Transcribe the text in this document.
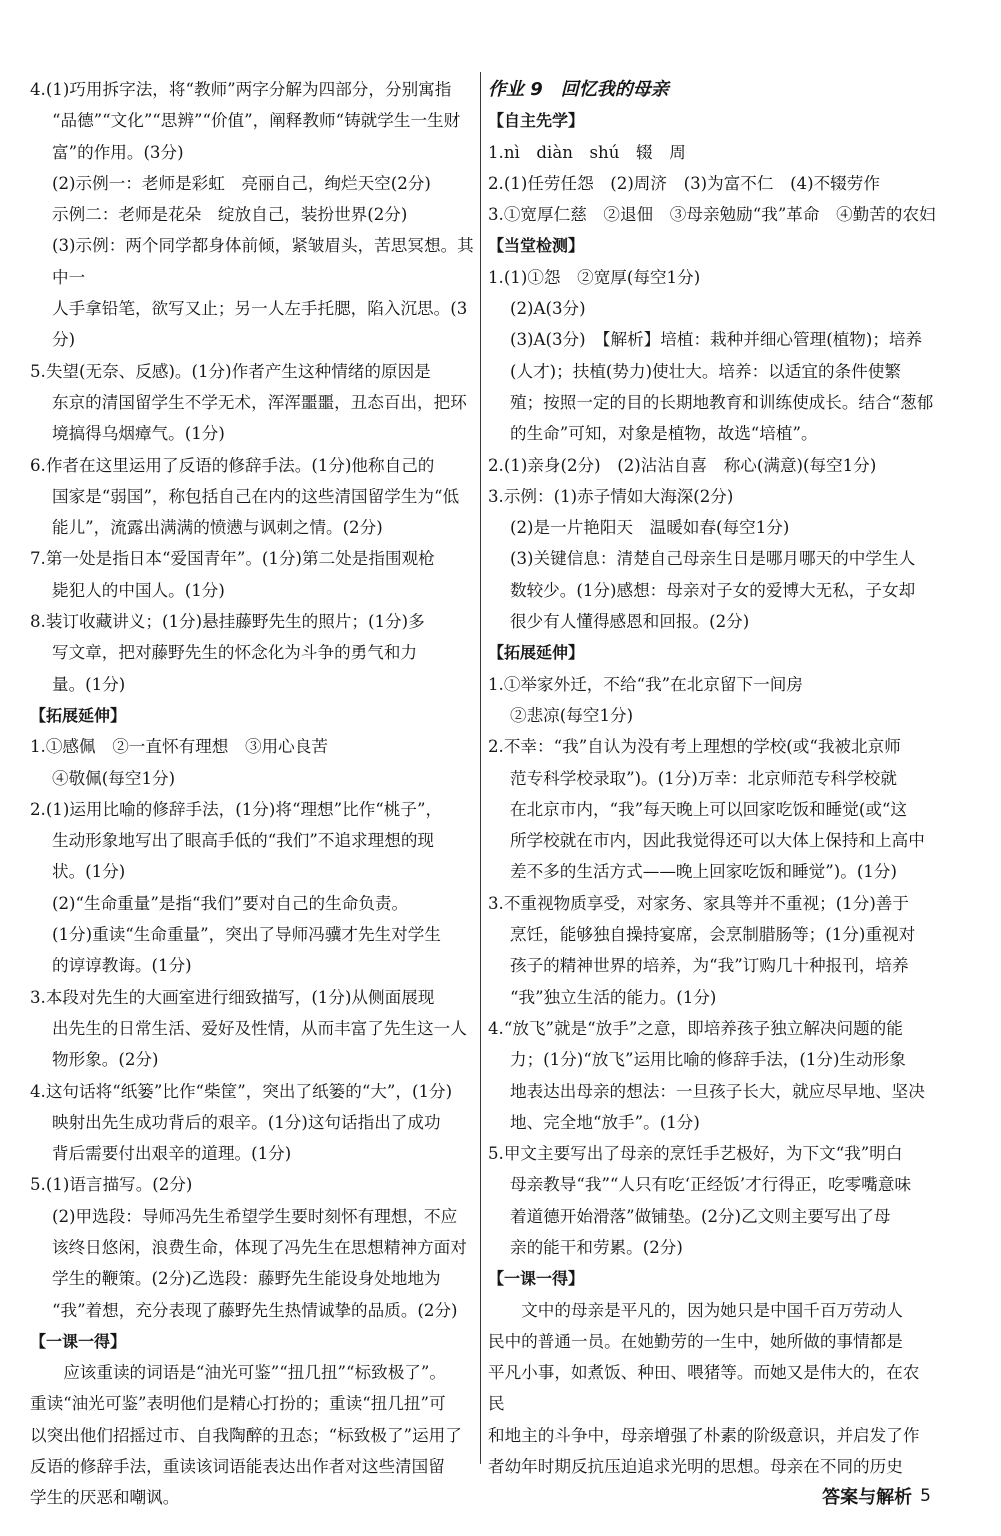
4.(1)巧用拆字法，将“教师”两字分解为四部分，分别寓指
“品德”“文化”“思辨”“价值”，阐释教师“铸就学生一生财
富”的作用。(3分)
(2)示例一：老师是彩虹　亮丽自己，绚烂天空(2分)
示例二：老师是花朵　绽放自己，装扮世界(2分)
(3)示例：两个同学都身体前倾，紧皱眉头，苦思冥想。其中一
人手拿铅笔，欲写又止；另一人左手托腮，陷入沉思。(3分)
5.失望(无奈、反感)。(1分)作者产生这种情绪的原因是
东京的清国留学生不学无术，浑浑噩噩，丑态百出，把环
境搞得乌烟瘴气。(1分)
6.作者在这里运用了反语的修辞手法。(1分)他称自己的
国家是“弱国”，称包括自己在内的这些清国留学生为“低
能儿”，流露出满满的愤懑与讽刺之情。(2分)
7.第一处是指日本“爱国青年”。(1分)第二处是指围观枪
毙犯人的中国人。(1分)
8.装订收藏讲义；(1分)悬挂藤野先生的照片；(1分)多
写文章，把对藤野先生的怀念化为斗争的勇气和力
量。(1分)
【拓展延伸】
1.①感佩　②一直怀有理想　③用心良苦
④敬佩(每空1分)
2.(1)运用比喻的修辞手法，(1分)将“理想”比作“桃子”，
生动形象地写出了眼高手低的“我们”不追求理想的现
状。(1分)
(2)“生命重量”是指“我们”要对自己的生命负责。
(1分)重读“生命重量”，突出了导师冯骥才先生对学生
的谆谆教诲。(1分)
3.本段对先生的大画室进行细致描写，(1分)从侧面展现
出先生的日常生活、爱好及性情，从而丰富了先生这一人
物形象。(2分)
4.这句话将“纸篓”比作“柴筐”，突出了纸篓的“大”，(1分)
映射出先生成功背后的艰辛。(1分)这句话指出了成功
背后需要付出艰辛的道理。(1分)
5.(1)语言描写。(2分)
(2)甲选段：导师冯先生希望学生要时刻怀有理想，不应
该终日悠闲，浪费生命，体现了冯先生在思想精神方面对
学生的鞭策。(2分)乙选段：藤野先生能设身处地地为
“我”着想，充分表现了藤野先生热情诚挚的品质。(2分)
【一课一得】
应该重读的词语是“油光可鉴”“扭几扭”“标致极了”。
重读“油光可鉴”表明他们是精心打扮的；重读“扭几扭”可
以突出他们招摇过市、自我陶醉的丑态；“标致极了”运用了
反语的修辞手法，重读该词语能表达出作者对这些清国留
学生的厌恶和嘲讽。
作业 9　回忆我的母亲
【自主先学】
1.nì　diàn　shú　辍　周
2.(1)任劳任怨　(2)周济　(3)为富不仁　(4)不辍劳作
3.①宽厚仁慈　②退佃　③母亲勉励“我”革命　④勤苦的农妇
【当堂检测】
1.(1)①怨　②宽厚(每空1分)
(2)A(3分)
(3)A(3分)　【解析】培植：栽种并细心管理(植物)；培养
(人才)；扶植(势力)使壮大。培养：以适宜的条件使繁
殖；按照一定的目的长期地教育和训练使成长。结合“葱郁
的生命”可知，对象是植物，故选“培植”。
2.(1)亲身(2分)　(2)沾沾自喜　称心(满意)(每空1分)
3.示例：(1)赤子情如大海深(2分)
(2)是一片艳阳天　温暖如春(每空1分)
(3)关键信息：清楚自己母亲生日是哪月哪天的中学生人
数较少。(1分)感想：母亲对子女的爱博大无私，子女却
很少有人懂得感恩和回报。(2分)
【拓展延伸】
1.①举家外迁，不给“我”在北京留下一间房
②悲凉(每空1分)
2.不幸：“我”自认为没有考上理想的学校(或“我被北京师
范专科学校录取”)。(1分)万幸：北京师范专科学校就
在北京市内，“我”每天晚上可以回家吃饭和睡觉(或“这
所学校就在市内，因此我觉得还可以大体上保持和上高中
差不多的生活方式——晚上回家吃饭和睡觉”)。(1分)
3.不重视物质享受，对家务、家具等并不重视；(1分)善于
烹饪，能够独自操持宴席，会烹制腊肠等；(1分)重视对
孩子的精神世界的培养，为“我”订购几十种报刊，培养
“我”独立生活的能力。(1分)
4.“放飞”就是“放手”之意，即培养孩子独立解决问题的能
力；(1分)“放飞”运用比喻的修辞手法，(1分)生动形象
地表达出母亲的想法：一旦孩子长大，就应尽早地、坚决
地、完全地“放手”。(1分)
5.甲文主要写出了母亲的烹饪手艺极好，为下文“我”明白
母亲教导“我”“人只有吃‘正经饭’才行得正，吃零嘴意味
着道德开始滑落”做铺垫。(2分)乙文则主要写出了母
亲的能干和劳累。(2分)
【一课一得】
文中的母亲是平凡的，因为她只是中国千百万劳动人
民中的普通一员。在她勤劳的一生中，她所做的事情都是
平凡小事，如煮饭、种田、喂猪等。而她又是伟大的，在农民
和地主的斗争中，母亲增强了朴素的阶级意识，并启发了作
者幼年时期反抗压迫追求光明的思想。母亲在不同的历史
答案与解析 5
